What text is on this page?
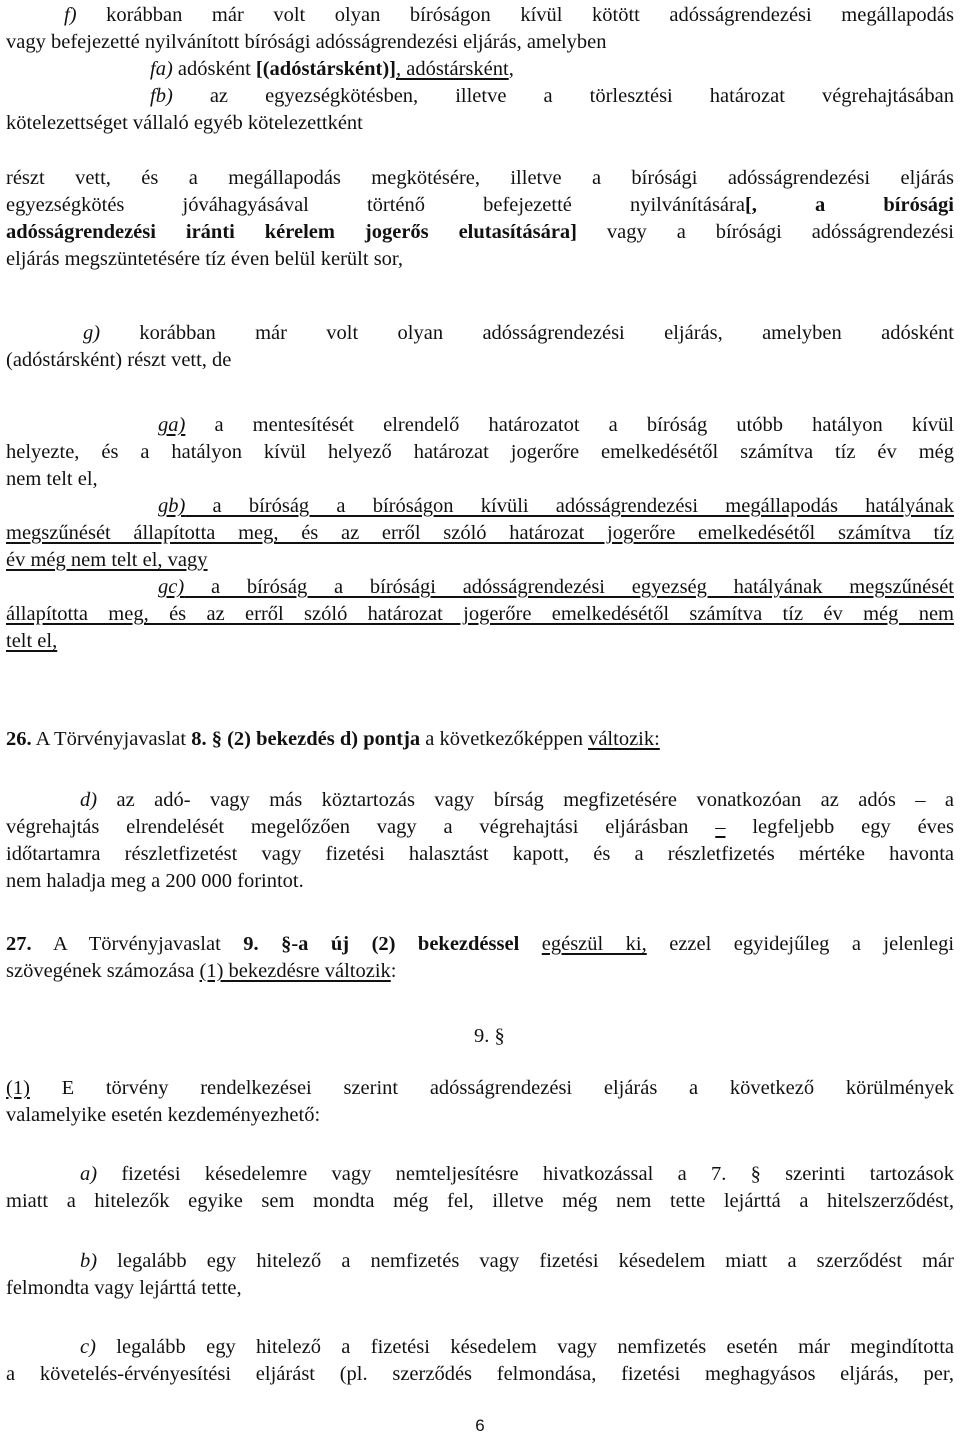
f) korábban már volt olyan bíróságon kívül kötött adósságrendezési megállapodás
vagy befejezetté nyilvánított bírósági adósságrendezési eljárás, amelyben
fa) adósként [(adóstársként)], adóstársként,
fb) az egyezségkötésben, illetve a törlesztési határozat végrehajtásában
kötelezettséget vállaló egyéb kötelezettként
részt vett, és a megállapodás megkötésére, illetve a bírósági adósságrendezési eljárás
egyezségkötés jóváhagyásával történő befejezetté nyilvánítására[, a bírósági
adósságrendezési iránti kérelem jogerős elutasítására] vagy a bírósági adósságrendezési
eljárás megszüntetésére tíz éven belül került sor,
g) korábban már volt olyan adósságrendezési eljárás, amelyben adósként
(adóstársként) részt vett, de
ga) a mentesítését elrendelő határozatot a bíróság utóbb hatályon kívül
helyezte, és a hatályon kívül helyező határozat jogerőre emelkedésétől számítva tíz év még
nem telt el,
gb) a bíróság a bíróságon kívüli adósságrendezési megállapodás hatályának
megszűnését állapította meg, és az erről szóló határozat jogerőre emelkedésétől számítva tíz
év még nem telt el, vagy
gc) a bíróság a bírósági adósságrendezési egyezség hatályának megszűnését
állapította meg, és az erről szóló határozat jogerőre emelkedésétől számítva tíz év még nem
telt el,
26. A Törvényjavaslat 8. § (2) bekezdés d) pontja a következőképpen változik:
d) az adó- vagy más köztartozás vagy bírság megfizetésére vonatkozóan az adós – a
végrehajtás elrendelését megelőzően vagy a végrehajtási eljárásban – legfeljebb egy éves
időtartamra részletfizetést vagy fizetési halasztást kapott, és a részletfizetés mértéke havonta
nem haladja meg a 200 000 forintot.
27. A Törvényjavaslat 9. §-a új (2) bekezdéssel egészül ki, ezzel egyidejűleg a jelenlegi
szövegének számozása (1) bekezdésre változik:
9. §
(1) E törvény rendelkezései szerint adósságrendezési eljárás a következő körülmények
valamelyike esetén kezdeményezhető:
a) fizetési késedelemre vagy nemteljesítésre hivatkozással a 7. § szerinti tartozások
miatt a hitelezők egyike sem mondta még fel, illetve még nem tette lejárttá a hitelszerződést,
b) legalább egy hitelező a nemfizetés vagy fizetési késedelem miatt a szerződést már
felmondta vagy lejárttá tette,
c) legalább egy hitelező a fizetési késedelem vagy nemfizetés esetén már megindította
a követelés-érvényesítési eljárást (pl. szerződés felmondása, fizetési meghagyásos eljárás, per,
6
